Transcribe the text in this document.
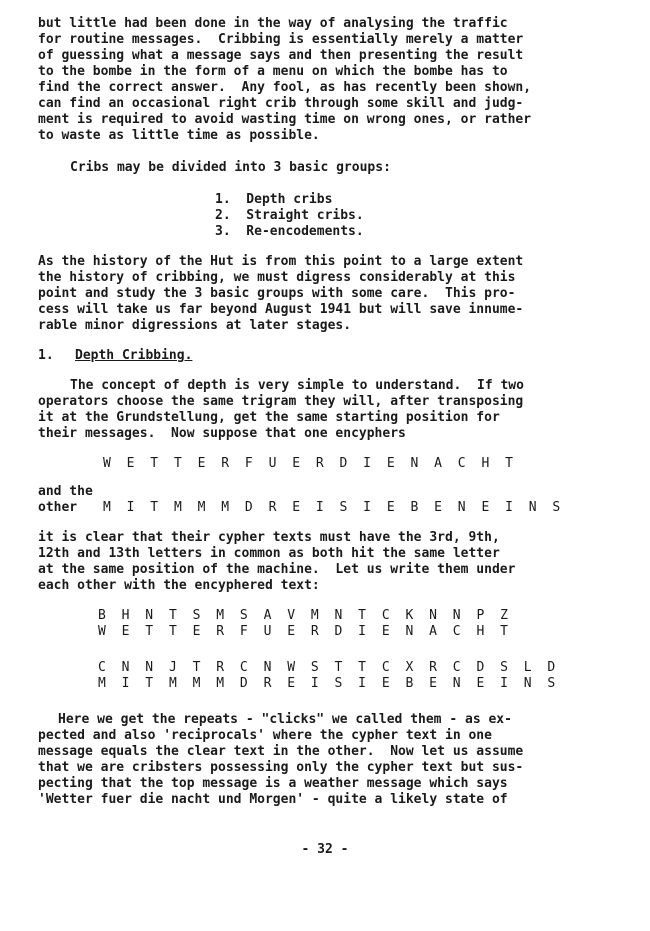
but little had been done in the way of analysing the traffic

for routine messages.  Cribbing is essentially merely a matter

of guessing what a message says and then presenting the result

to the bombe in the form of a menu on which the bombe has to

find the correct answer.  Any fool, as has recently been shown,

can find an occasional right crib through some skill and judg-

ment is required to avoid wasting time on wrong ones, or rather

to waste as little time as possible.

Cribs may be divided into 3 basic groups:

1.  Depth cribs

2.  Straight cribs.

3.  Re-encodements.

As the history of the Hut is from this point to a large extent

the history of cribbing, we must digress considerably at this

point and study the 3 basic groups with some care.  This pro-

cess will take us far beyond August 1941 but will save innume-

rable minor digressions at later stages.

1. Depth Cribbing.

The concept of depth is very simple to understand.  If two

operators choose the same trigram they will, after transposing

it at the Grundstellung, get the same starting position for

their messages.  Now suppose that one encyphers

W E T T E R F U E R D I E N A C H T

and the

other M I T M M M D R E I S I E B E N E I N S

it is clear that their cypher texts must have the 3rd, 9th,

12th and 13th letters in common as both hit the same letter

at the same position of the machine.  Let us write them under

each other with the encyphered text:

B H N T S M S A V M N T C K N N P Z

W E T T E R F U E R D I E N A C H T

C N N J T R C N W S T T C X R C D S L D

M I T M M M D R E I S I E B E N E I N S

Here we get the repeats - "clicks" we called them - as ex-

pected and also 'reciprocals' where the cypher text in one

message equals the clear text in the other.  Now let us assume

that we are cribsters possessing only the cypher text but sus-

pecting that the top message is a weather message which says

'Wetter fuer die nacht und Morgen' - quite a likely state of

- 32 -
